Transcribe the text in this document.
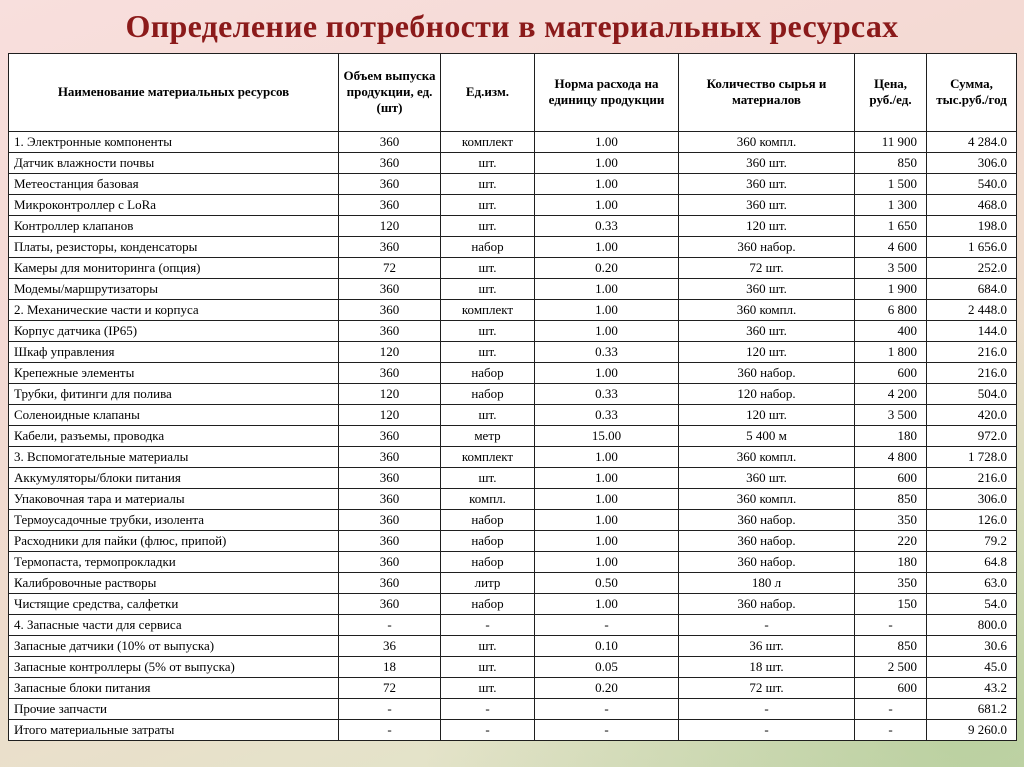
Определение потребности в материальных ресурсах
Наименование материальных ресурсов	Объем выпуска продукции, ед. (шт)	Ед.изм.	Норма расхода на единицу продукции	Количество сырья и материалов	Цена, руб./ед.	Сумма, тыс.руб./год
1. Электронные компоненты	360	комплект	1.00	360 компл.	11 900	4 284.0
Датчик влажности почвы	360	шт.	1.00	360 шт.	850	306.0
Метеостанция базовая	360	шт.	1.00	360 шт.	1 500	540.0
Микроконтроллер с LoRa	360	шт.	1.00	360 шт.	1 300	468.0
Контроллер клапанов	120	шт.	0.33	120 шт.	1 650	198.0
Платы, резисторы, конденсаторы	360	набор	1.00	360 набор.	4 600	1 656.0
Камеры для мониторинга (опция)	72	шт.	0.20	72 шт.	3 500	252.0
Модемы/маршрутизаторы	360	шт.	1.00	360 шт.	1 900	684.0
2. Механические части и корпуса	360	комплект	1.00	360 компл.	6 800	2 448.0
Корпус датчика (IP65)	360	шт.	1.00	360 шт.	400	144.0
Шкаф управления	120	шт.	0.33	120 шт.	1 800	216.0
Крепежные элементы	360	набор	1.00	360 набор.	600	216.0
Трубки, фитинги для полива	120	набор	0.33	120 набор.	4 200	504.0
Соленоидные клапаны	120	шт.	0.33	120 шт.	3 500	420.0
Кабели, разъемы, проводка	360	метр	15.00	5 400 м	180	972.0
3. Вспомогательные материалы	360	комплект	1.00	360 компл.	4 800	1 728.0
Аккумуляторы/блоки питания	360	шт.	1.00	360 шт.	600	216.0
Упаковочная тара и материалы	360	компл.	1.00	360 компл.	850	306.0
Термоусадочные трубки, изолента	360	набор	1.00	360 набор.	350	126.0
Расходники для пайки (флюс, припой)	360	набор	1.00	360 набор.	220	79.2
Термопаста, термопрокладки	360	набор	1.00	360 набор.	180	64.8
Калибровочные растворы	360	литр	0.50	180 л	350	63.0
Чистящие средства, салфетки	360	набор	1.00	360 набор.	150	54.0
4. Запасные части для сервиса	-	-	-	-	-	800.0
Запасные датчики (10% от выпуска)	36	шт.	0.10	36 шт.	850	30.6
Запасные контроллеры (5% от выпуска)	18	шт.	0.05	18 шт.	2 500	45.0
Запасные блоки питания	72	шт.	0.20	72 шт.	600	43.2
Прочие запчасти	-	-	-	-	-	681.2
Итого материальные затраты	-	-	-	-	-	9 260.0
